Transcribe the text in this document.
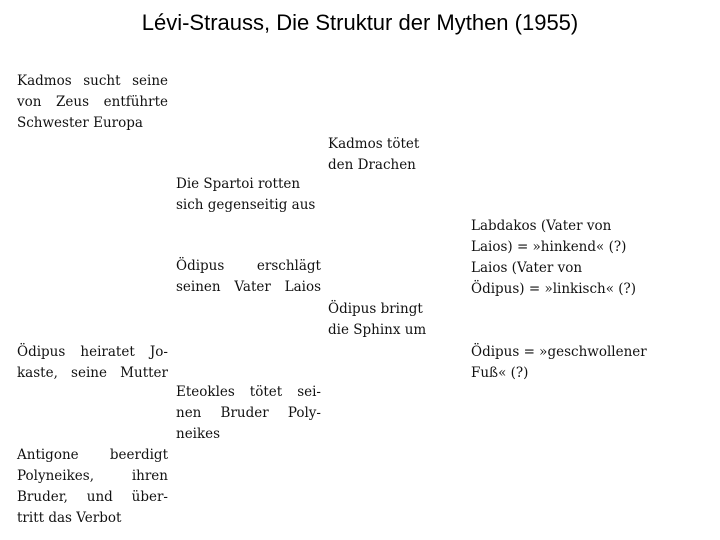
Lévi-Strauss, Die Struktur der Mythen (1955)
Kadmos sucht seine
von Zeus entführte
Schwester Europa
Kadmos tötet
den Drachen
Die Spartoi rotten
sich gegenseitig aus
Labdakos (Vater von
Laios) = »hinkend« (?)
Laios (Vater von
Ödipus) = »linkisch« (?)
Ödipus erschlägt
seinen Vater Laios
Ödipus bringt
die Sphinx um
Ödipus heiratet Jo-
kaste, seine Mutter
Ödipus = »geschwollener
Fuß« (?)
Eteokles tötet sei-
nen Bruder Poly-
neikes
Antigone beerdigt
Polyneikes, ihren
Bruder, und über-
tritt das Verbot
